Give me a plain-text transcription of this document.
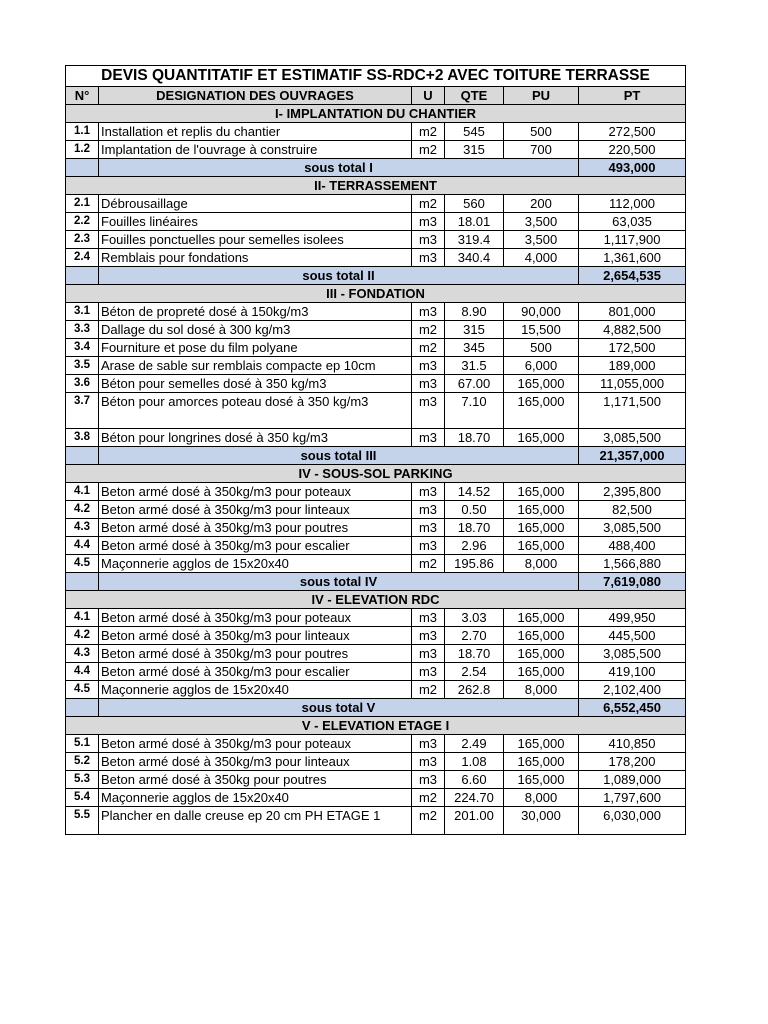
DEVIS QUANTITATIF ET ESTIMATIF SS-RDC+2 AVEC TOITURE TERRASSE					
N°	DESIGNATION DES OUVRAGES	U	QTE	PU	PT
I- IMPLANTATION DU CHANTIER					
1.1	Installation et replis du chantier	m2	545	500	272,500
1.2	Implantation de l'ouvrage à construire	m2	315	700	220,500
	sous total I				493,000
II- TERRASSEMENT					
2.1	Débrousaillage	m2	560	200	112,000
2.2	Fouilles linéaires	m3	18.01	3,500	63,035
2.3	Fouilles ponctuelles pour semelles isolees	m3	319.4	3,500	1,117,900
2.4	Remblais pour fondations	m3	340.4	4,000	1,361,600
	sous total II				2,654,535
III - FONDATION					
3.1	Béton de propreté dosé à 150kg/m3	m3	8.90	90,000	801,000
3.3	Dallage du sol dosé à 300 kg/m3	m2	315	15,500	4,882,500
3.4	Fourniture et pose du film polyane	m2	345	500	172,500
3.5	Arase de sable sur remblais compacte ep 10cm	m3	31.5	6,000	189,000
3.6	Béton pour semelles dosé à 350 kg/m3	m3	67.00	165,000	11,055,000
3.7	Béton pour amorces poteau dosé à 350 kg/m3	m3	7.10	165,000	1,171,500
3.8	Béton pour longrines dosé à 350 kg/m3	m3	18.70	165,000	3,085,500
	sous total III				21,357,000
IV - SOUS-SOL PARKING					
4.1	Beton armé dosé à 350kg/m3 pour poteaux	m3	14.52	165,000	2,395,800
4.2	Beton armé dosé à 350kg/m3 pour linteaux	m3	0.50	165,000	82,500
4.3	Beton armé dosé à 350kg/m3 pour poutres	m3	18.70	165,000	3,085,500
4.4	Beton armé dosé à 350kg/m3 pour escalier	m3	2.96	165,000	488,400
4.5	Maçonnerie agglos de 15x20x40	m2	195.86	8,000	1,566,880
	sous total IV				7,619,080
IV - ELEVATION RDC					
4.1	Beton armé dosé à 350kg/m3 pour poteaux	m3	3.03	165,000	499,950
4.2	Beton armé dosé à 350kg/m3 pour linteaux	m3	2.70	165,000	445,500
4.3	Beton armé dosé à 350kg/m3 pour poutres	m3	18.70	165,000	3,085,500
4.4	Beton armé dosé à 350kg/m3 pour escalier	m3	2.54	165,000	419,100
4.5	Maçonnerie agglos de 15x20x40	m2	262.8	8,000	2,102,400
	sous total V				6,552,450
V - ELEVATION ETAGE I					
5.1	Beton armé dosé à 350kg/m3 pour poteaux	m3	2.49	165,000	410,850
5.2	Beton armé dosé à 350kg/m3 pour linteaux	m3	1.08	165,000	178,200
5.3	Beton armé dosé à 350kg pour poutres	m3	6.60	165,000	1,089,000
5.4	Maçonnerie agglos de 15x20x40	m2	224.70	8,000	1,797,600
5.5	Plancher en dalle creuse ep 20 cm PH ETAGE 1	m2	201.00	30,000	6,030,000
